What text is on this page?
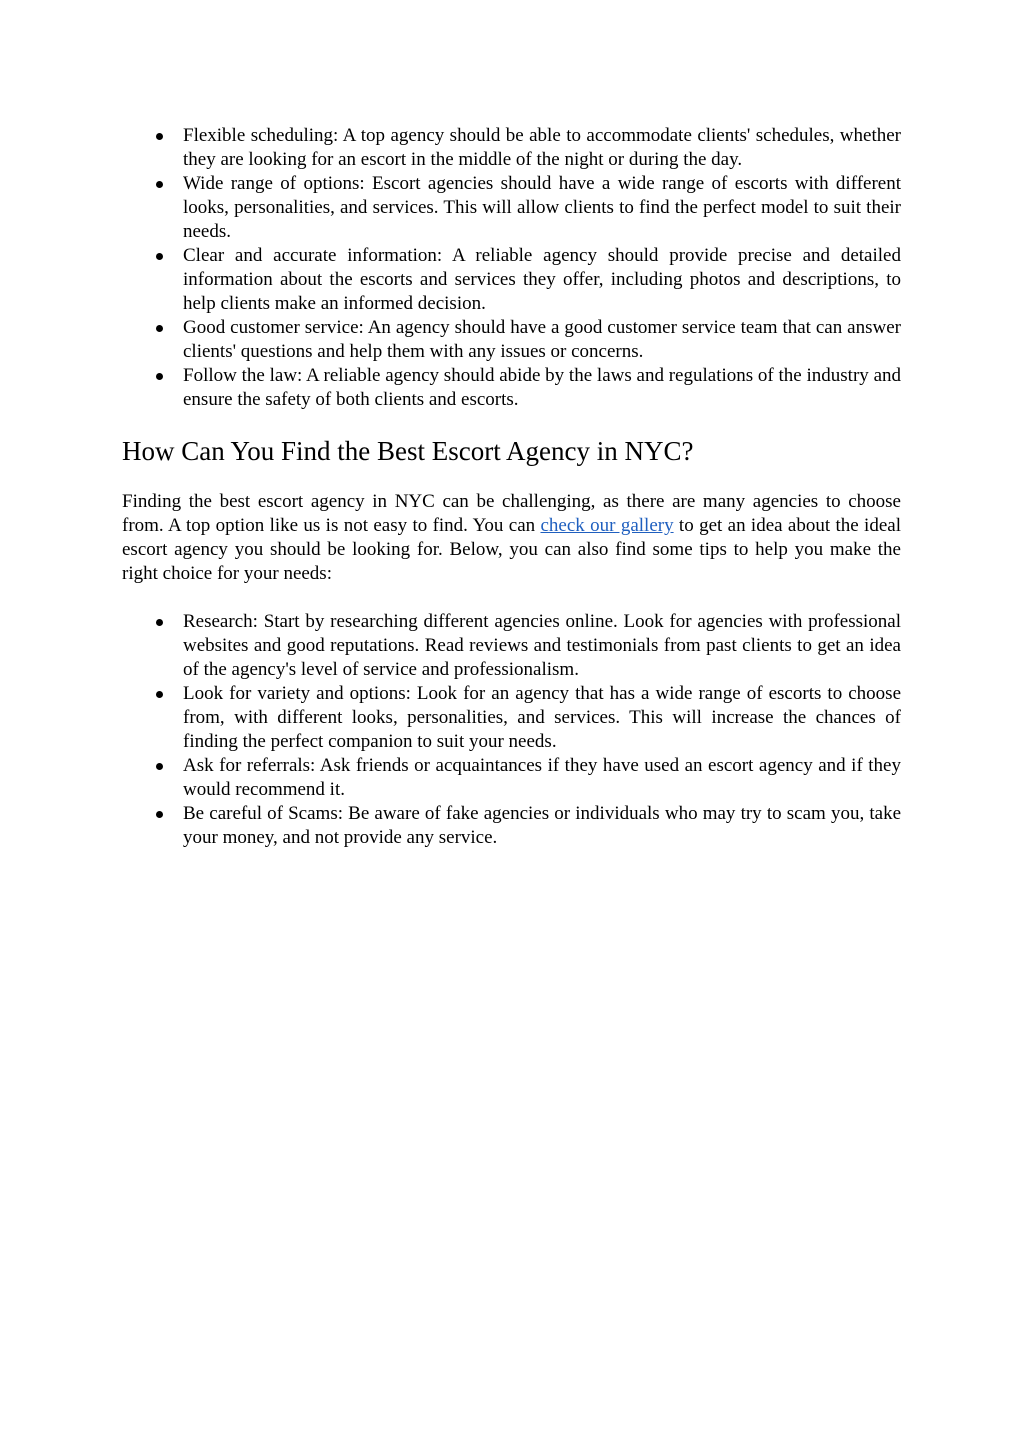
Flexible scheduling: A top agency should be able to accommodate clients' schedules, whether they are looking for an escort in the middle of the night or during the day.
Wide range of options: Escort agencies should have a wide range of escorts with different looks, personalities, and services. This will allow clients to find the perfect model to suit their needs.
Clear and accurate information: A reliable agency should provide precise and detailed information about the escorts and services they offer, including photos and descriptions, to help clients make an informed decision.
Good customer service: An agency should have a good customer service team that can answer clients' questions and help them with any issues or concerns.
Follow the law: A reliable agency should abide by the laws and regulations of the industry and ensure the safety of both clients and escorts.
How Can You Find the Best Escort Agency in NYC?

Finding the best escort agency in NYC can be challenging, as there are many agencies to choose from. A top option like us is not easy to find. You can check our gallery to get an idea about the ideal escort agency you should be looking for. Below, you can also find some tips to help you make the right choice for your needs:

Research: Start by researching different agencies online. Look for agencies with professional websites and good reputations. Read reviews and testimonials from past clients to get an idea of the agency's level of service and professionalism.
Look for variety and options: Look for an agency that has a wide range of escorts to choose from, with different looks, personalities, and services. This will increase the chances of finding the perfect companion to suit your needs.
Ask for referrals: Ask friends or acquaintances if they have used an escort agency and if they would recommend it.
Be careful of Scams: Be aware of fake agencies or individuals who may try to scam you, take your money, and not provide any service.
